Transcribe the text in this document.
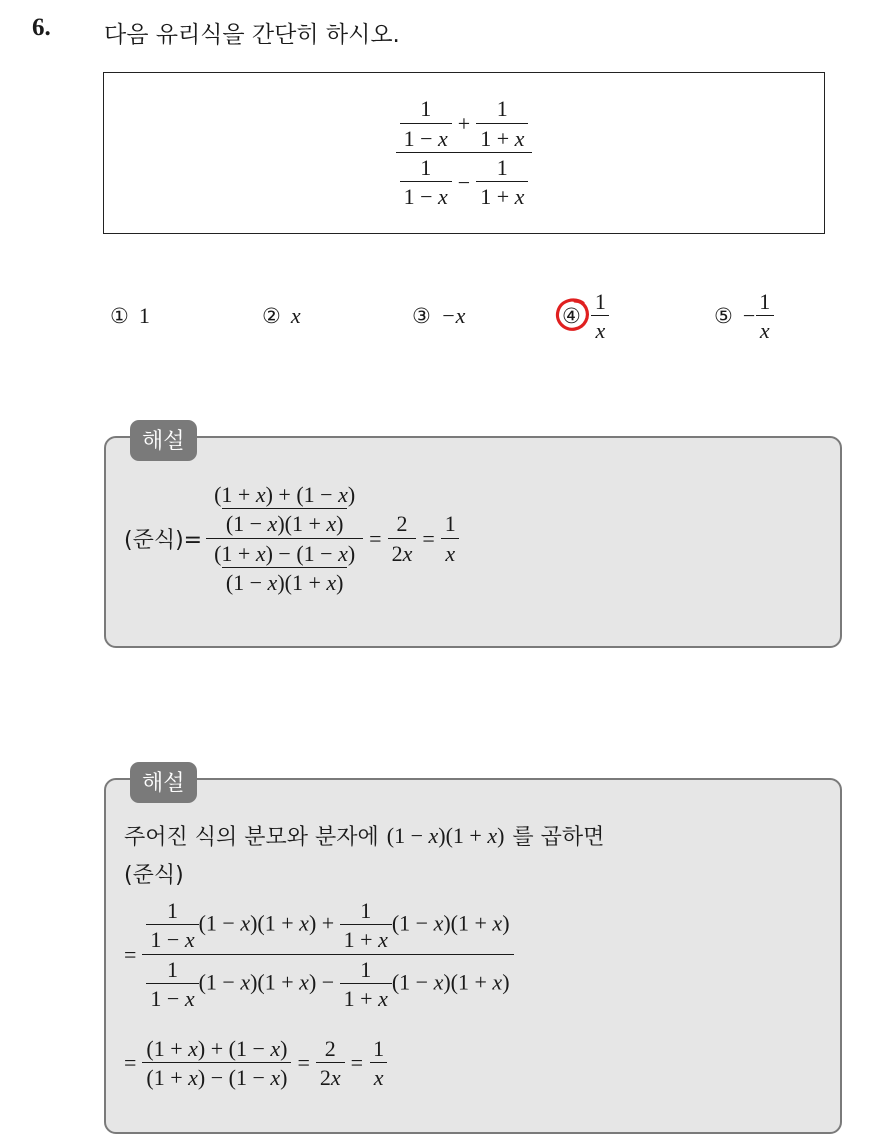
6. 다음 유리식을 간단히 하시오.
$\frac{\frac{1}{1 - x} + \frac{1}{1 + x}}{\frac{1}{1 - x} - \frac{1}{1 + x}}$
① 1	② x	③ −x	④ $\frac{1}{x}$	⑤ − $\frac{1}{x}$
(준식)= $\frac{\frac{(1 + x) + (1 - x)}{(1 - x)(1 + x)}}{\frac{(1 + x) - (1 - x)}{(1 - x)(1 + x)}} = \frac{2}{2x} = \frac{1}{x}$
해설
주어진 식의 분모와 분자에 (1 − x)(1 + x) 를 곱하면
(준식)
= $\frac{\frac{1}{1 - x} (1 - x)(1 + x) + \frac{1}{1 + x} (1 - x)(1 + x)}{\frac{1}{1 - x} (1 - x)(1 + x) - \frac{1}{1 + x} (1 - x)(1 + x)}$
= $\frac{(1 + x) + (1 - x)}{(1 + x) - (1 - x)} = \frac{2}{2x} = \frac{1}{x}$
해설
